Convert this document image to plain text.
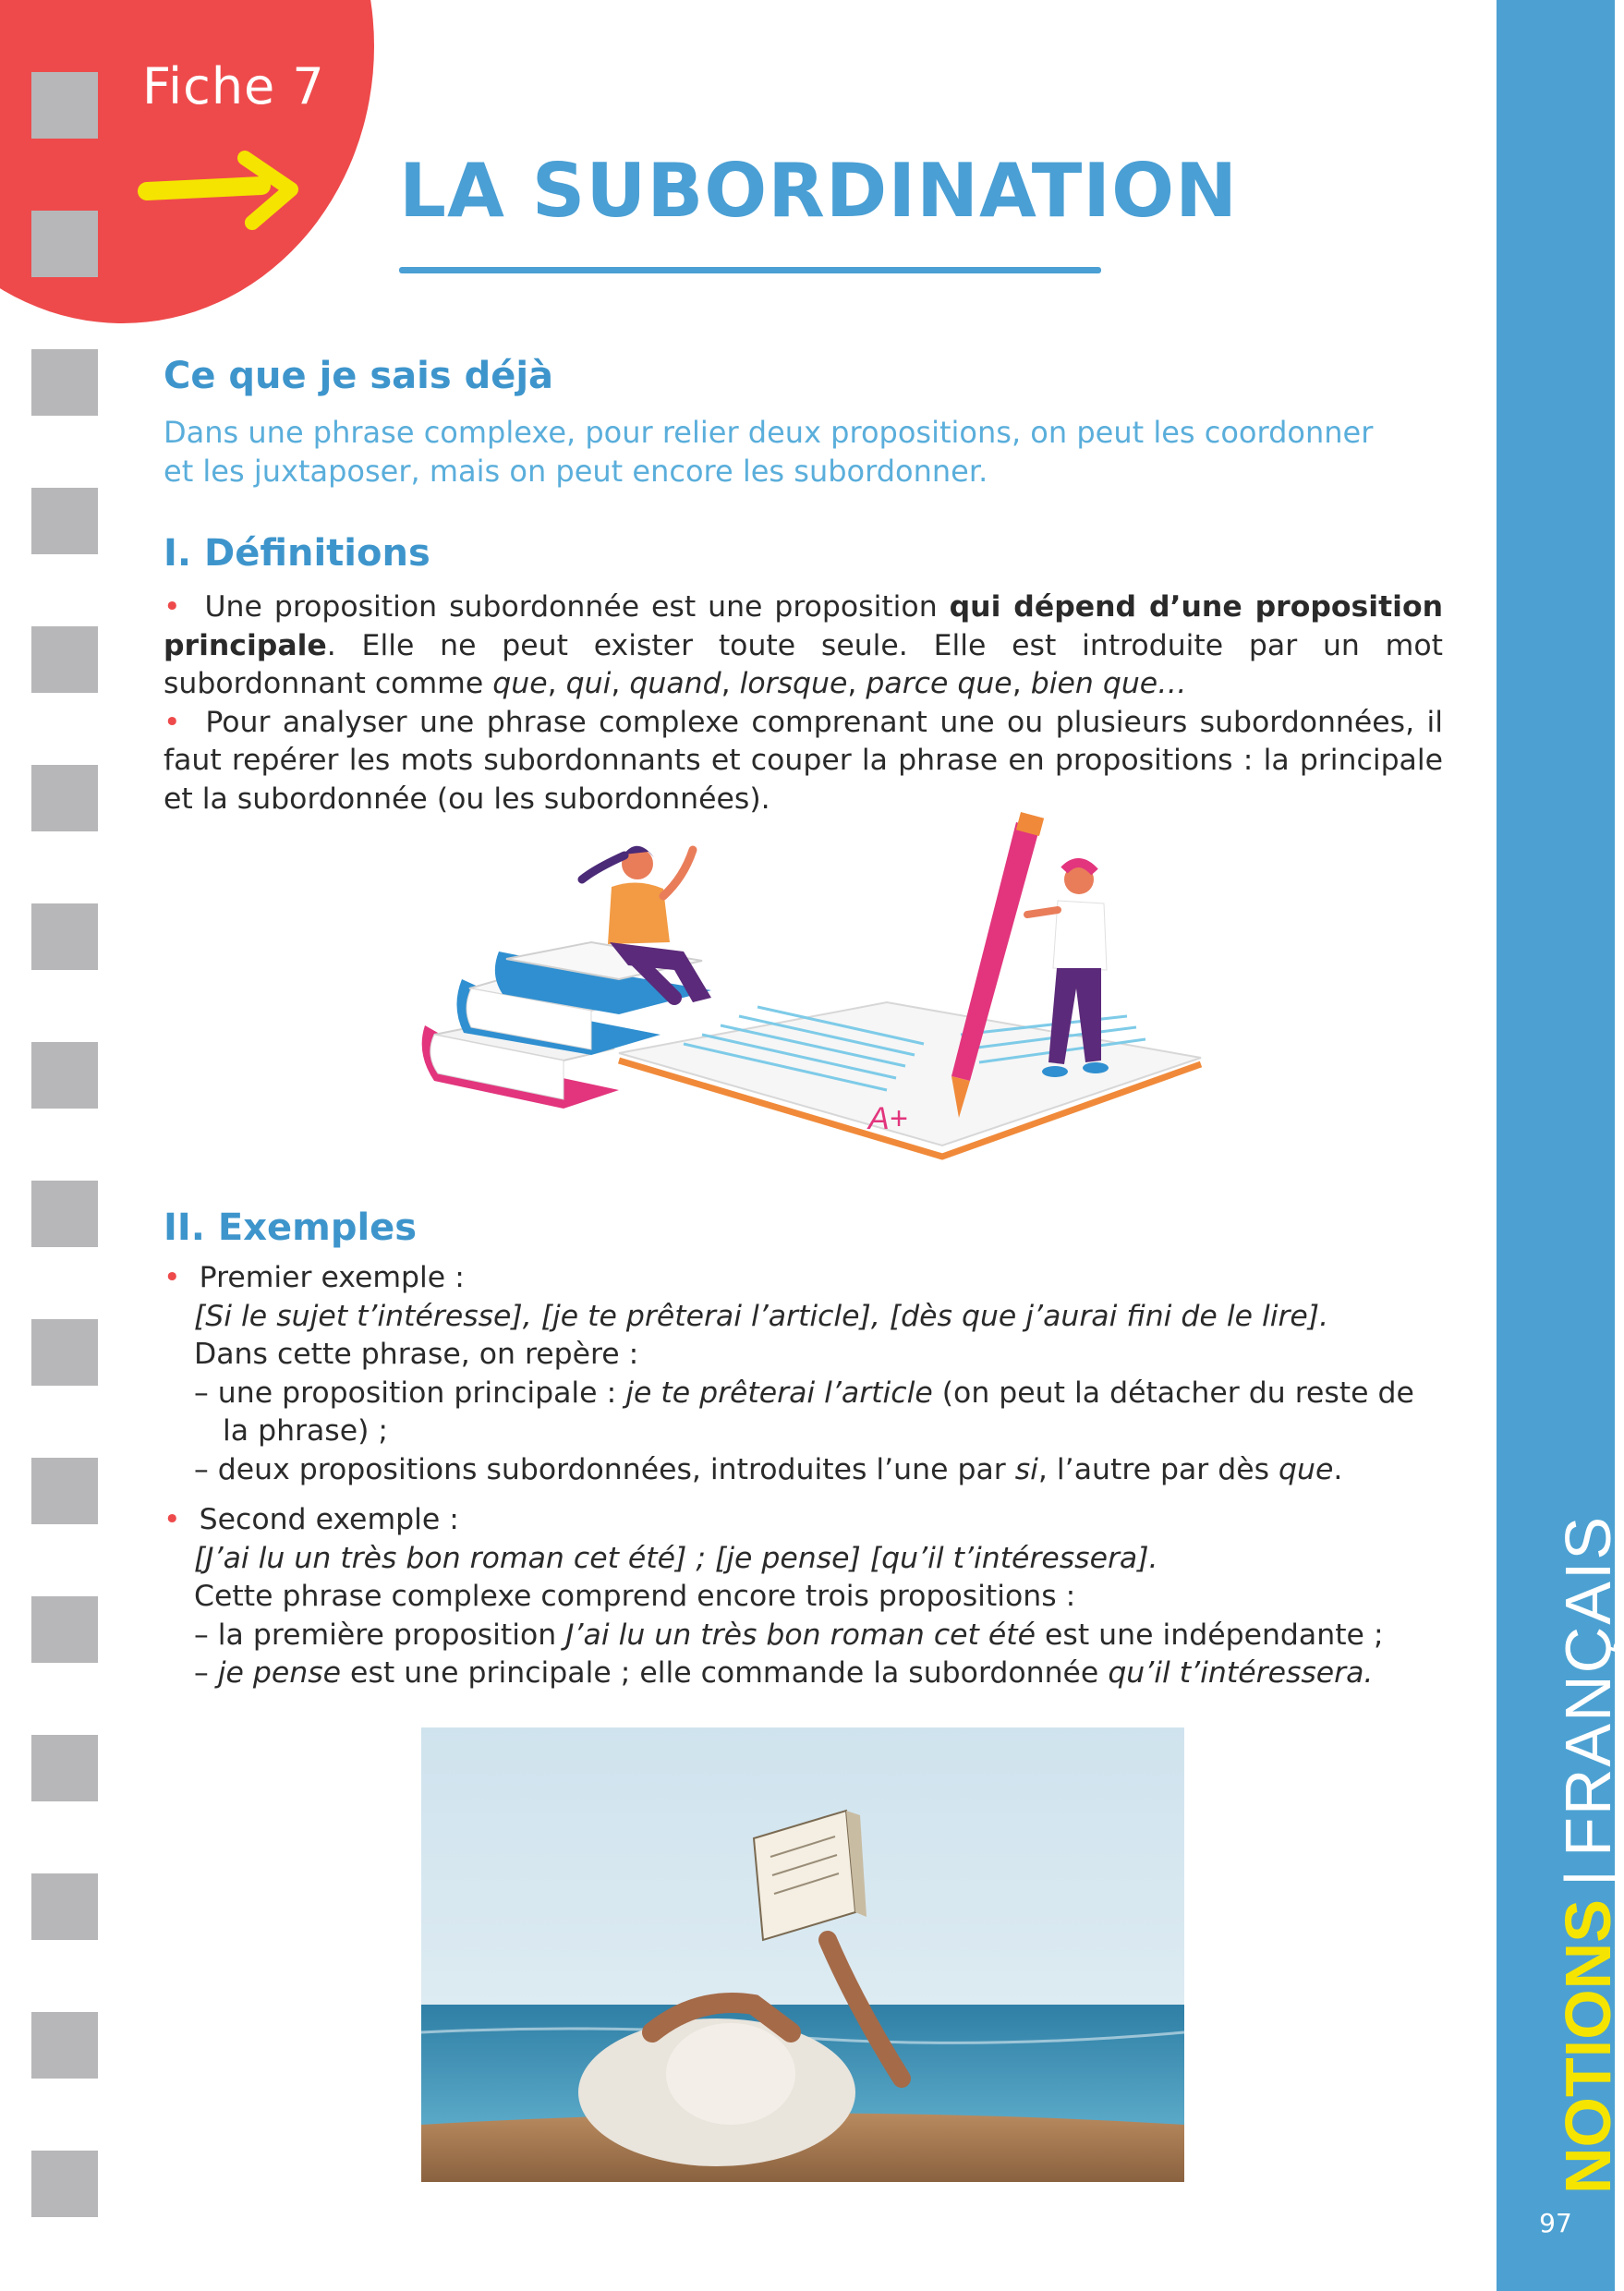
Fiche 7
NOTIONS|FRANÇAIS
97
LA SUBORDINATION
Ce que je sais déjà

Dans une phrase complexe, pour relier deux propositions, on peut les coordonner

et les juxtaposer, mais on peut encore les subordonner.

I. Définitions

• Une proposition subordonnée est une proposition qui dépend d’une proposition principale. Elle ne peut exister toute seule. Elle est introduite par un mot subordonnant comme que, qui, quand, lorsque, parce que, bien que…

• Pour analyser une phrase complexe comprenant une ou plusieurs subordonnées, il faut repérer les mots subordonnants et couper la phrase en propositions : la principale et la subordonnée (ou les subordonnées).

A+
II. Exemples
• Premier exemple :
[Si le sujet t’intéresse], [je te prêterai l’article], [dès que j’aurai fini de le lire].
Dans cette phrase, on repère :
– une proposition principale : je te prêterai l’article (on peut la détacher du reste de
la phrase) ;
– deux propositions subordonnées, introduites l’une par si, l’autre par dès que.
• Second exemple :
[J’ai lu un très bon roman cet été] ; [je pense] [qu’il t’intéressera].
Cette phrase complexe comprend encore trois propositions :
– la première proposition J’ai lu un très bon roman cet été est une indépendante ;
– je pense est une principale ; elle commande la subordonnée qu’il t’intéressera.
